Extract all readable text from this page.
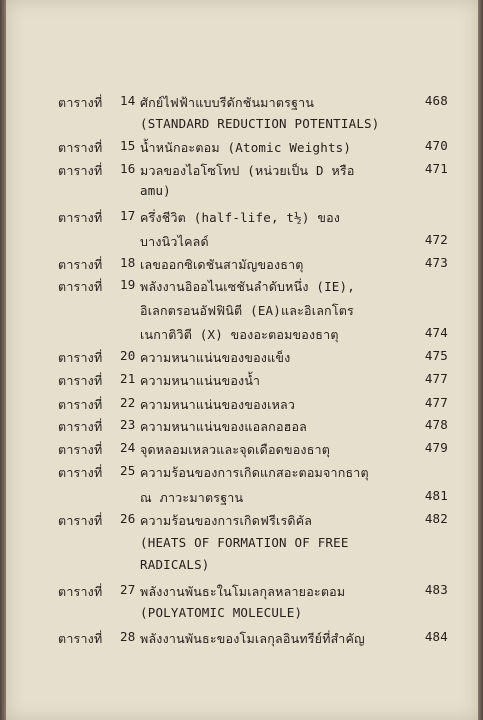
ตารางที่ 14 ศักย์ไฟฟ้าแบบรีดักชันมาตรฐาน
(STANDARD REDUCTION POTENTIALS)
468
ตารางที่ 15 น้ำหนักอะตอม (Atomic Weights)	470
ตารางที่ 16 มวลของไอโซโทป (หน่วยเป็น D หรือ
amu)
471
ตารางที่ 17 ครึ่งชีวิต (half-life, t½) ของ
บางนิวไคลด์	472
ตารางที่ 18 เลขออกซิเดชันสามัญของธาตุ	473
ตารางที่ 19 พลังงานอิออไนเซชันลำดับหนึ่ง (IE),
อิเลกตรอนอัฟฟินิตี (EA)และอิเลกโตร
เนกาติวิตี (X) ของอะตอมของธาตุ	474
ตารางที่ 20 ความหนาแน่นของของแข็ง	475
ตารางที่ 21 ความหนาแน่นของน้ำ	477
ตารางที่ 22 ความหนาแน่นของของเหลว	477
ตารางที่ 23 ความหนาแน่นของแอลกอฮอล	478
ตารางที่ 24 จุดหลอมเหลวและจุดเดือดของธาตุ	479
ตารางที่ 25 ความร้อนของการเกิดแกสอะตอมจากธาตุ
ณ ภาวะมาตรฐาน	481
ตารางที่ 26 ความร้อนของการเกิดฟรีเรดิคัล
(HEATS OF FORMATION OF FREE
RADICALS)
482
ตารางที่ 27 พลังงานพันธะในโมเลกุลหลายอะตอม
(POLYATOMIC MOLECULE)
483
ตารางที่ 28 พลังงานพันธะของโมเลกุลอินทรีย์ที่สำคัญ	484
